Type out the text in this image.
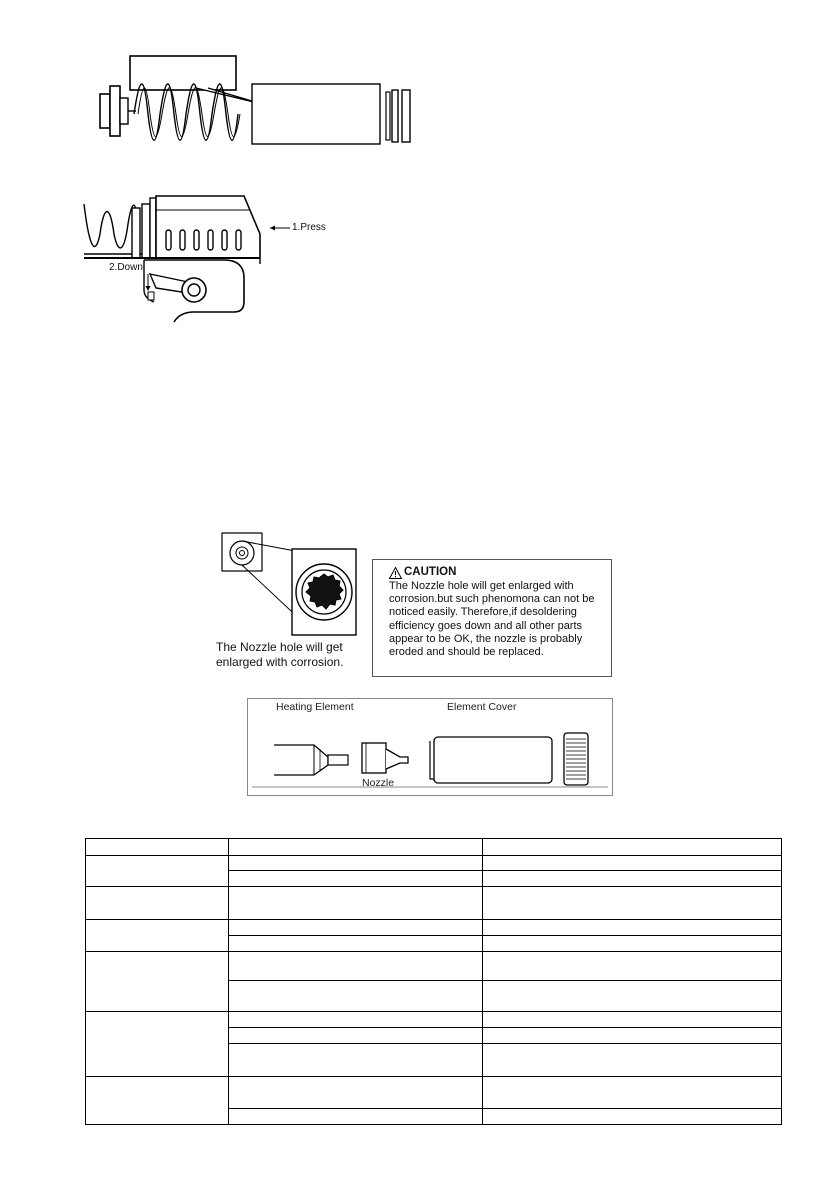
1.Press
2.Down
The Nozzle hole will get
enlarged with corrosion.
CAUTION
The Nozzle hole will get enlarged with corrosion.but such phenomona can not be noticed easily. Therefore,if desoldering efficiency goes down and all other parts appear to be OK, the nozzle is probably eroded and should be replaced.
Heating Element	Element Cover
Nozzle
